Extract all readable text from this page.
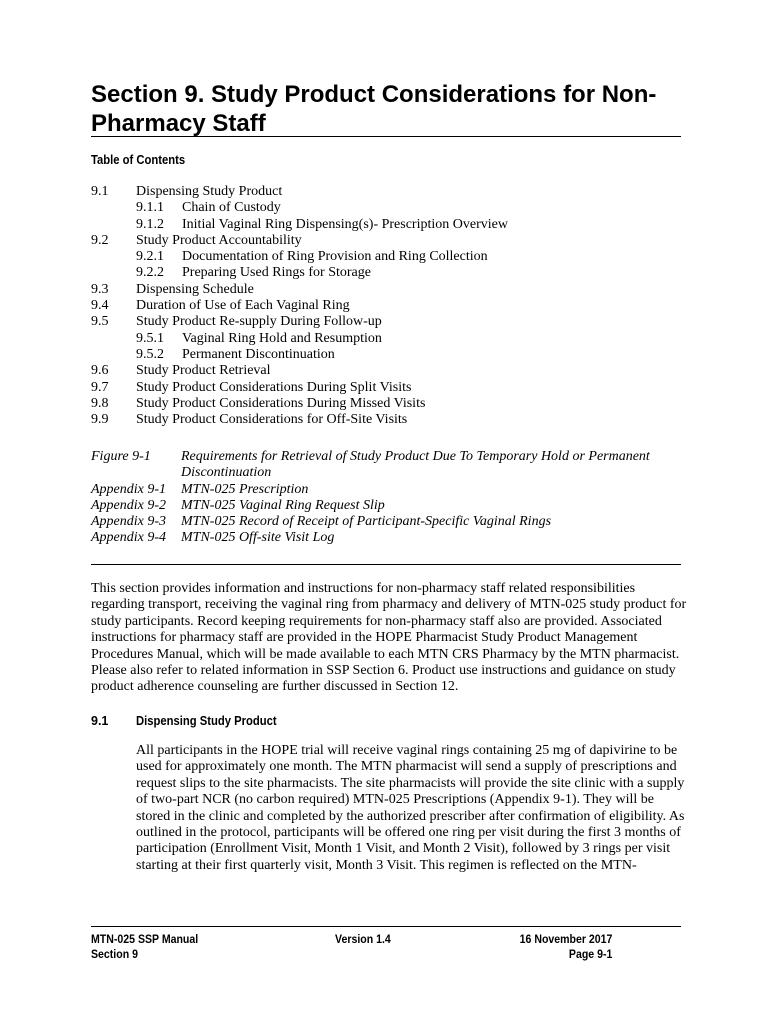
Section 9. Study Product Considerations for Non-Pharmacy Staff
Table of Contents
9.1 Dispensing Study Product
9.1.1 Chain of Custody
9.1.2 Initial Vaginal Ring Dispensing(s)- Prescription Overview
9.2 Study Product Accountability
9.2.1 Documentation of Ring Provision and Ring Collection
9.2.2 Preparing Used Rings for Storage
9.3 Dispensing Schedule
9.4 Duration of Use of Each Vaginal Ring
9.5 Study Product Re-supply During Follow-up
9.5.1 Vaginal Ring Hold and Resumption
9.5.2 Permanent Discontinuation
9.6 Study Product Retrieval
9.7 Study Product Considerations During Split Visits
9.8 Study Product Considerations During Missed Visits
9.9 Study Product Considerations for Off-Site Visits
Figure 9-1 Requirements for Retrieval of Study Product Due To Temporary Hold or Permanent Discontinuation
Appendix 9-1 MTN-025 Prescription
Appendix 9-2 MTN-025 Vaginal Ring Request Slip
Appendix 9-3 MTN-025 Record of Receipt of Participant-Specific Vaginal Rings
Appendix 9-4 MTN-025 Off-site Visit Log

This section provides information and instructions for non-pharmacy staff related responsibilities regarding transport, receiving the vaginal ring from pharmacy and delivery of MTN-025 study product for study participants. Record keeping requirements for non-pharmacy staff also are provided. Associated instructions for pharmacy staff are provided in the HOPE Pharmacist Study Product Management Procedures Manual, which will be made available to each MTN CRS Pharmacy by the MTN pharmacist. Please also refer to related information in SSP Section 6. Product use instructions and guidance on study product adherence counseling are further discussed in Section 12.

9.1 Dispensing Study Product

All participants in the HOPE trial will receive vaginal rings containing 25 mg of dapivirine to be used for approximately one month. The MTN pharmacist will send a supply of prescriptions and request slips to the site pharmacists. The site pharmacists will provide the site clinic with a supply of two-part NCR (no carbon required) MTN-025 Prescriptions (Appendix 9-1). They will be stored in the clinic and completed by the authorized prescriber after confirmation of eligibility. As outlined in the protocol, participants will be offered one ring per visit during the first 3 months of participation (Enrollment Visit, Month 1 Visit, and Month 2 Visit), followed by 3 rings per visit starting at their first quarterly visit, Month 3 Visit. This regimen is reflected on the MTN-

MTN-025 SSP Manual
Section 9
Version 1.4	16 November 2017
Page 9-1
